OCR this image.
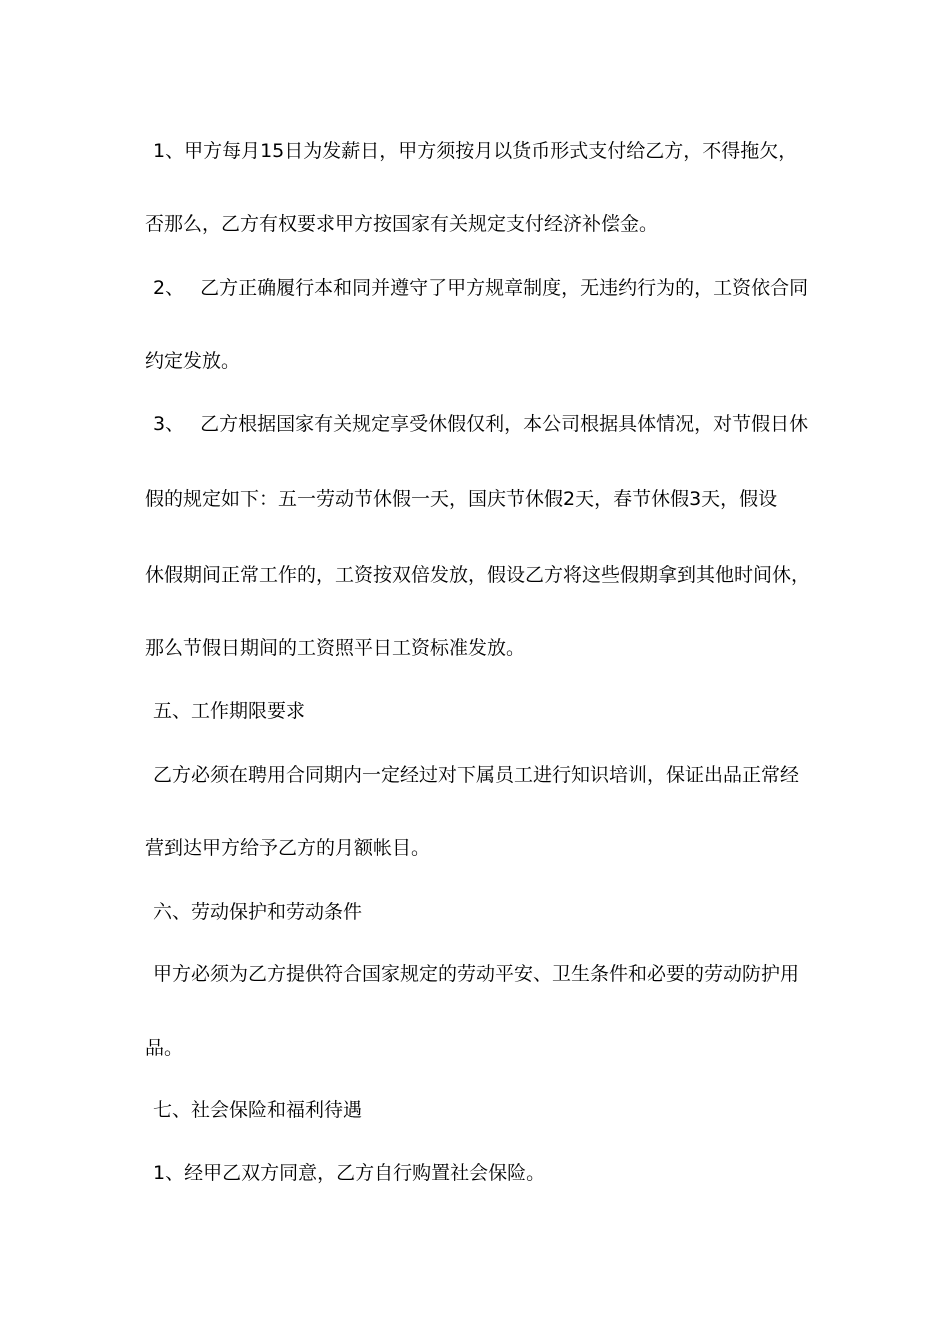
1、甲方每月15日为发薪日，甲方须按月以货币形式支付给乙方，不得拖欠，
否那么，乙方有权要求甲方按国家有关规定支付经济补偿金。
2、 乙方正确履行本和同并遵守了甲方规章制度，无违约行为的，工资依合同
约定发放。
3、 乙方根据国家有关规定享受休假仅利，本公司根据具体情况，对节假日休
假的规定如下：五一劳动节休假一天，国庆节休假2天，春节休假3天，假设
休假期间正常工作的，工资按双倍发放，假设乙方将这些假期拿到其他时间休，
那么节假日期间的工资照平日工资标准发放。
五、工作期限要求
乙方必须在聘用合同期内一定经过对下属员工进行知识培训，保证出品正常经
营到达甲方给予乙方的月额帐目。
六、劳动保护和劳动条件
甲方必须为乙方提供符合国家规定的劳动平安、卫生条件和必要的劳动防护用
品。
七、社会保险和福利待遇
1、经甲乙双方同意，乙方自行购置社会保险。
